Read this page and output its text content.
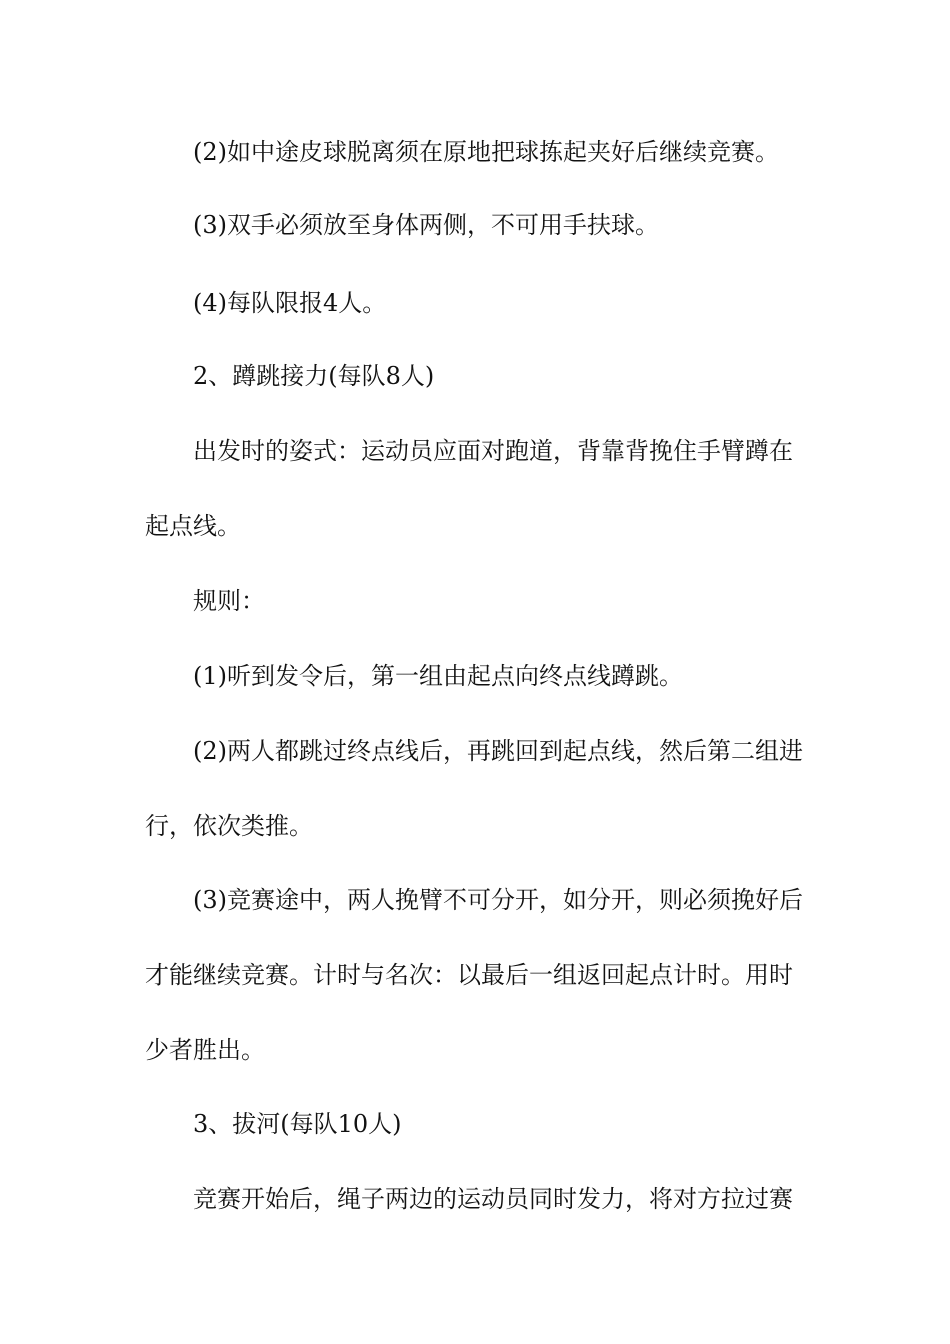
(2)如中途皮球脱离须在原地把球拣起夹好后继续竞赛。
(3)双手必须放至身体两侧，不可用手扶球。
(4)每队限报4人。
2、蹲跳接力(每队8人)
出发时的姿式：运动员应面对跑道，背靠背挽住手臂蹲在
起点线。
规则：
(1)听到发令后，第一组由起点向终点线蹲跳。
(2)两人都跳过终点线后，再跳回到起点线，然后第二组进
行，依次类推。
(3)竞赛途中，两人挽臂不可分开，如分开，则必须挽好后
才能继续竞赛。计时与名次：以最后一组返回起点计时。用时
少者胜出。
3、拔河(每队10人)
竞赛开始后，绳子两边的运动员同时发力，将对方拉过赛
